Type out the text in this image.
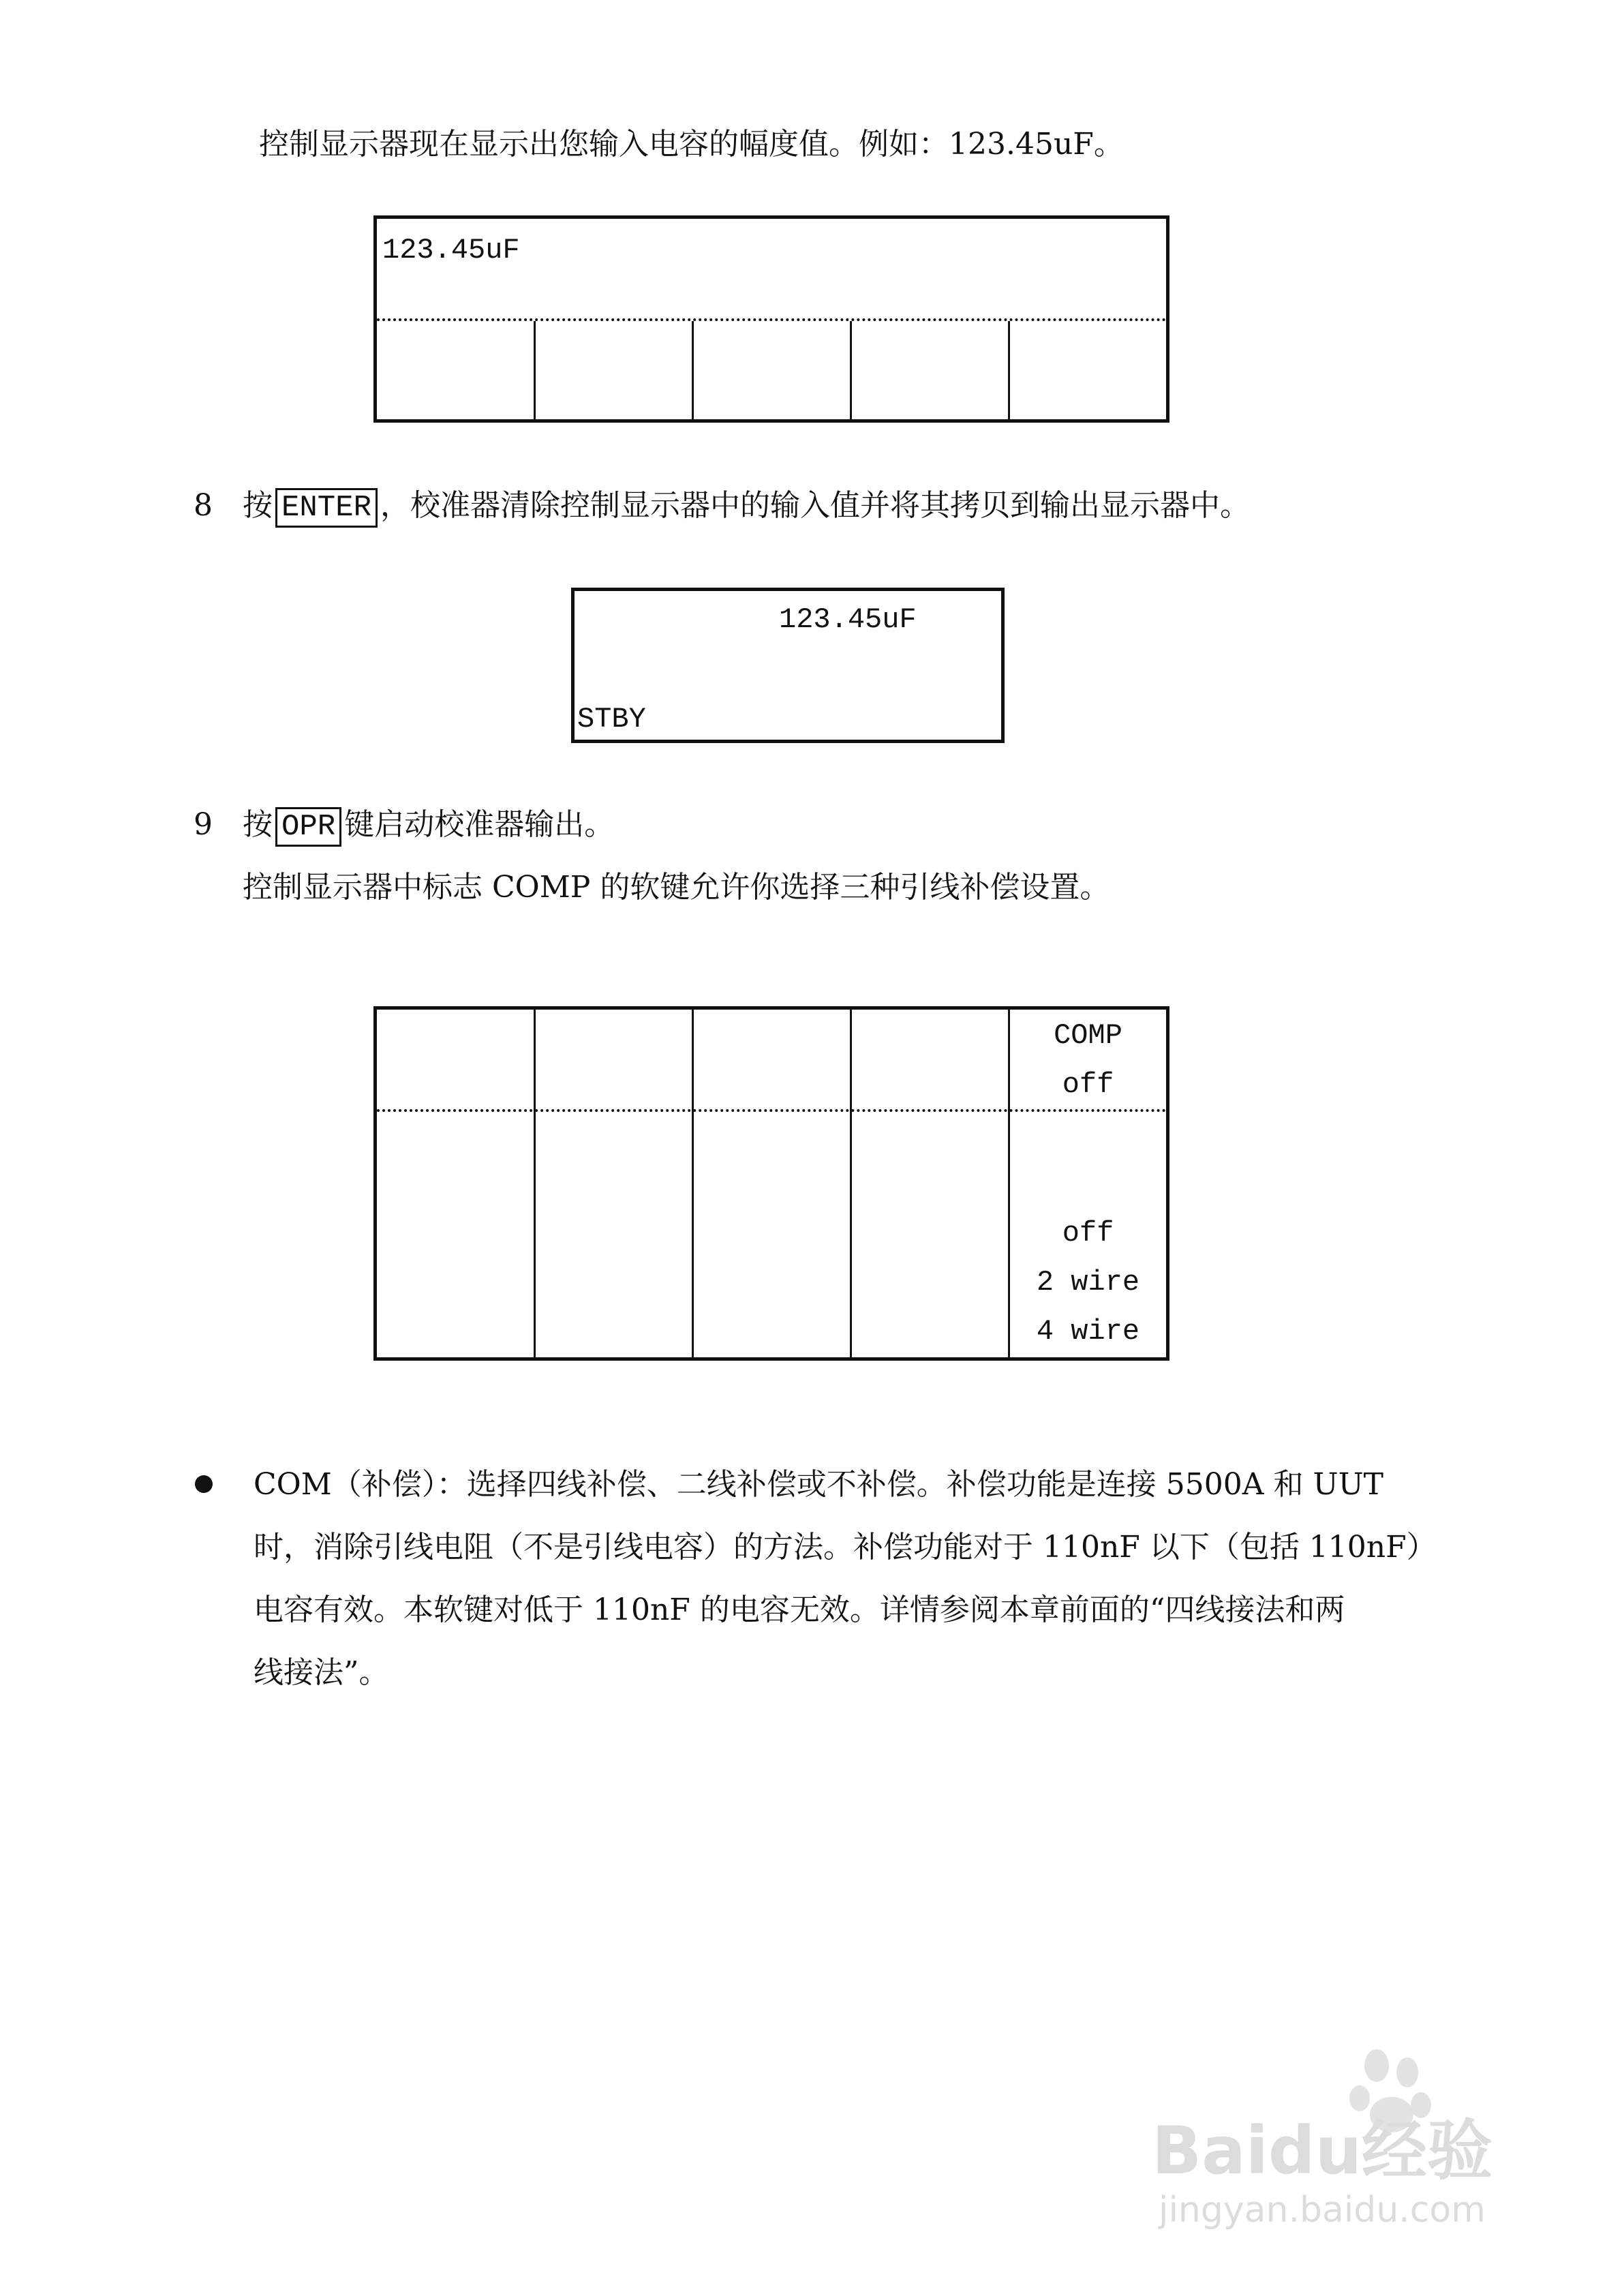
控制显示器现在显示出您输入电容的幅度值。例如：123.45uF。
123.45uF
8 按 ENTER ，校准器清除控制显示器中的输入值并将其拷贝到输出显示器中。
123.45uF
STBY
9 按 OPR 键启动校准器输出。
控制显示器中标志 COMP 的软键允许你选择三种引线补偿设置。
COMP
off
off
2 wire
4 wire
COM（补偿）：选择四线补偿、二线补偿或不补偿。补偿功能是连接 5500A 和 UUT
时，消除引线电阻（不是引线电容）的方法。补偿功能对于 110nF 以下（包括 110nF）
电容有效。本软键对低于 110nF 的电容无效。详情参阅本章前面的“四线接法和两
线接法”。
Baidu经验
jingyan.baidu.com
